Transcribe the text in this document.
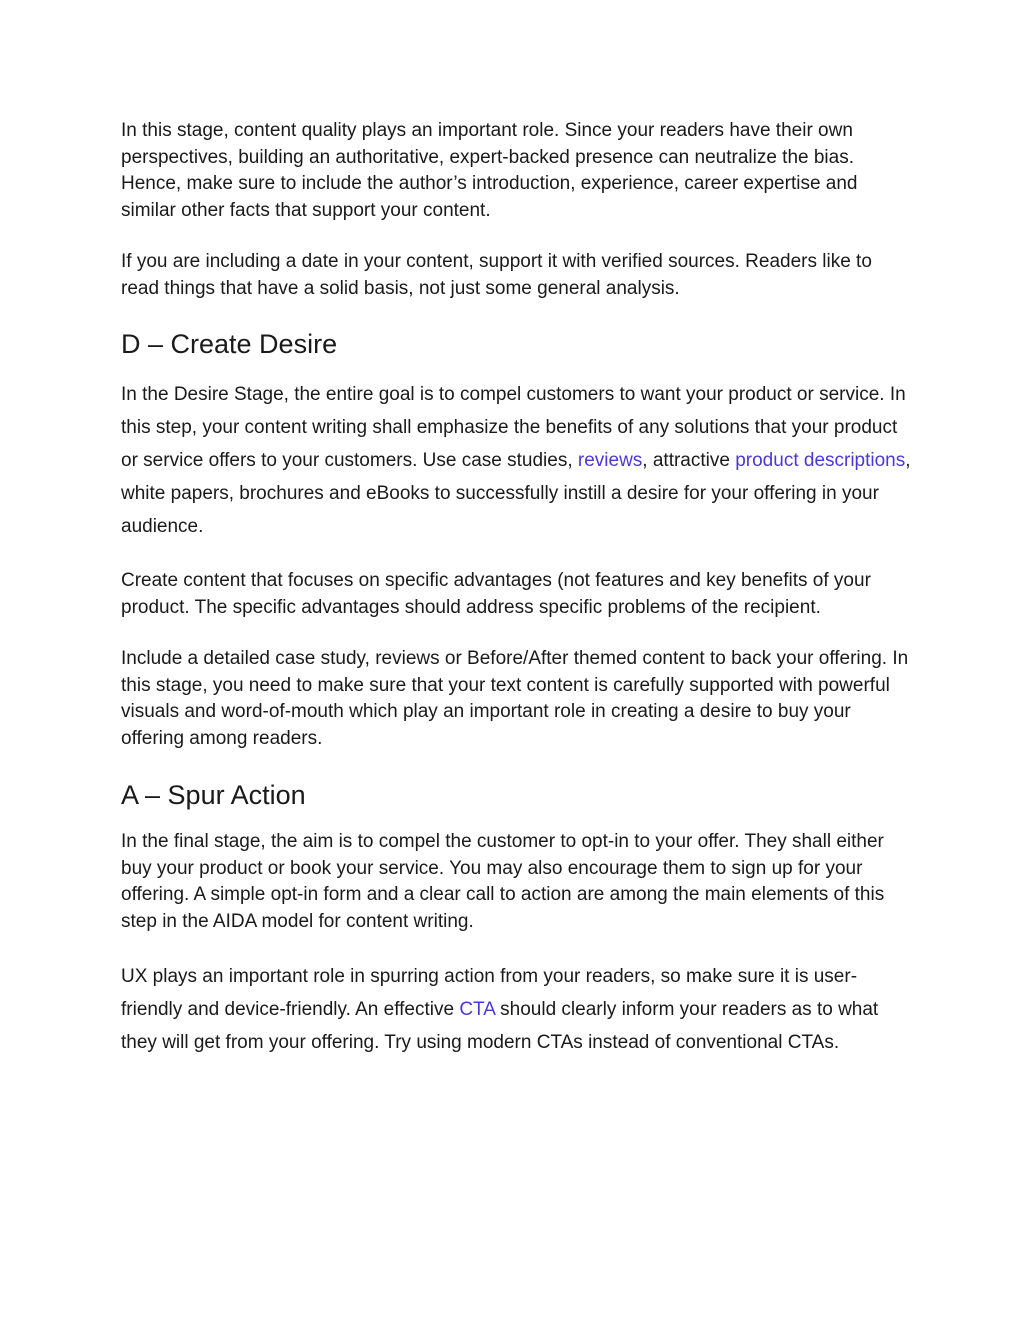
In this stage, content quality plays an important role. Since your readers have their own perspectives, building an authoritative, expert-backed presence can neutralize the bias. Hence, make sure to include the author’s introduction, experience, career expertise and similar other facts that support your content.

If you are including a date in your content, support it with verified sources. Readers like to read things that have a solid basis, not just some general analysis.

D – Create Desire

In the Desire Stage, the entire goal is to compel customers to want your product or service. In this step, your content writing shall emphasize the benefits of any solutions that your product or service offers to your customers. Use case studies, reviews, attractive product descriptions, white papers, brochures and eBooks to successfully instill a desire for your offering in your audience.

Create content that focuses on specific advantages (not features and key benefits of your product. The specific advantages should address specific problems of the recipient.

Include a detailed case study, reviews or Before/After themed content to back your offering. In this stage, you need to make sure that your text content is carefully supported with powerful visuals and word-of-mouth which play an important role in creating a desire to buy your offering among readers.

A – Spur Action

In the final stage, the aim is to compel the customer to opt-in to your offer. They shall either buy your product or book your service. You may also encourage them to sign up for your offering. A simple opt-in form and a clear call to action are among the main elements of this step in the AIDA model for content writing.

UX plays an important role in spurring action from your readers, so make sure it is user-friendly and device-friendly. An effective CTA should clearly inform your readers as to what they will get from your offering. Try using modern CTAs instead of conventional CTAs.
